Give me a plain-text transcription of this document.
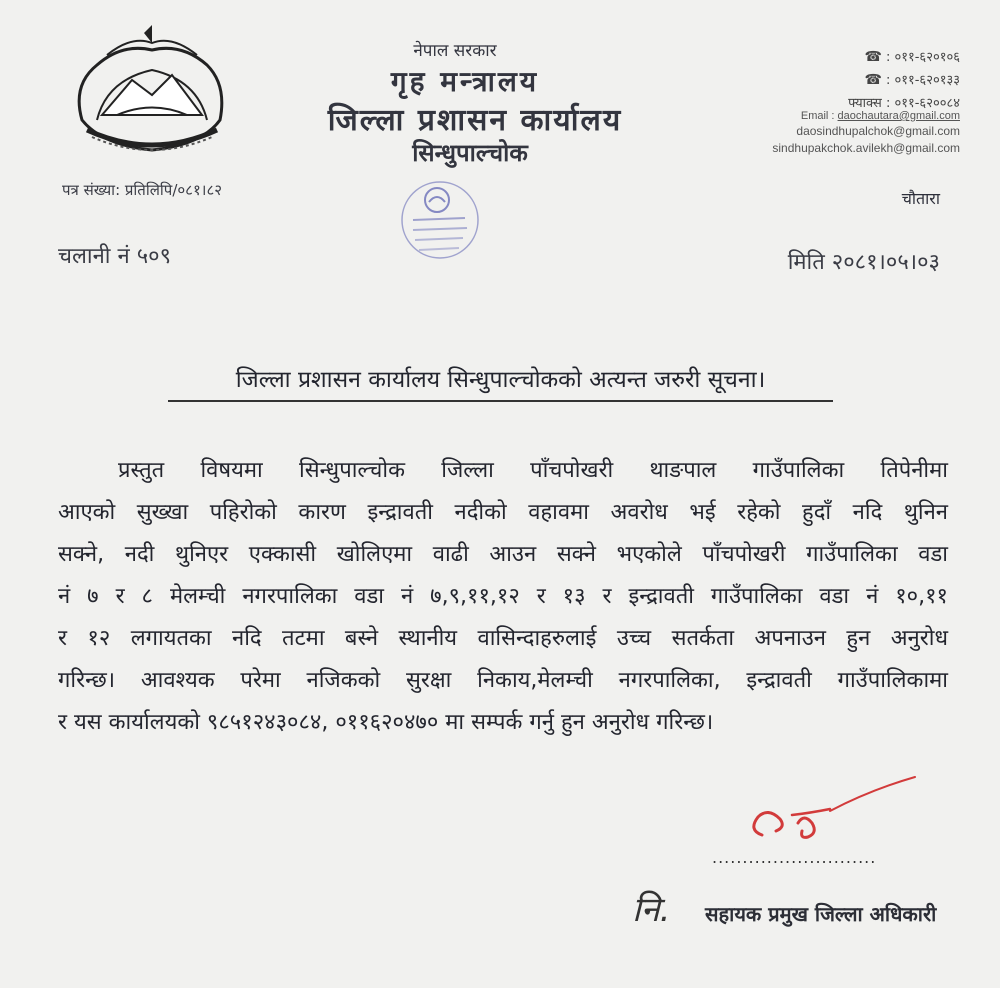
नेपाल सरकार
गृह मन्त्रालय
जिल्ला प्रशासन कार्यालय
सिन्धुपाल्चोक
☎ : ०११-६२०१०६
☎ : ०११-६२०१३३
फ्याक्स : ०११-६२००८४
Email : daochautara@gmail.com
daosindhupalchok@gmail.com
sindhupakchok.avilekh@gmail.com
पत्र संख्या: प्रतिलिपि/०८१।८२	चौतारा
चलानी नं ५०९	मिति २०८१।०५।०३
जिल्ला प्रशासन कार्यालय सिन्धुपाल्चोकको अत्यन्त जरुरी सूचना।
प्रस्तुत विषयमा सिन्धुपाल्चोक जिल्ला पाँचपोखरी थाङपाल गाउँपालिका तिपेनीमा
आएको सुख्खा पहिरोको कारण इन्द्रावती नदीको वहावमा अवरोध भई रहेको हुदाँ नदि थुनिन
सक्ने, नदी थुनिएर एक्कासी खोलिएमा वाढी आउन सक्ने भएकोले पाँचपोखरी गाउँपालिका वडा
नं ७ र ८ मेलम्ची नगरपालिका वडा नं ७,९,११,१२ र १३ र इन्द्रावती गाउँपालिका वडा नं १०,११
र १२ लगायतका नदि तटमा बस्ने स्थानीय वासिन्दाहरुलाई उच्च सतर्कता अपनाउन हुन अनुरोध
गरिन्छ। आवश्यक परेमा नजिकको सुरक्षा निकाय,मेलम्ची नगरपालिका, इन्द्रावती गाउँपालिकामा
र यस कार्यालयको ९८५१२४३०८४, ०११६२०४७० मा सम्पर्क गर्नु हुन अनुरोध गरिन्छ।
...........................
नि. सहायक प्रमुख जिल्ला अधिकारी
